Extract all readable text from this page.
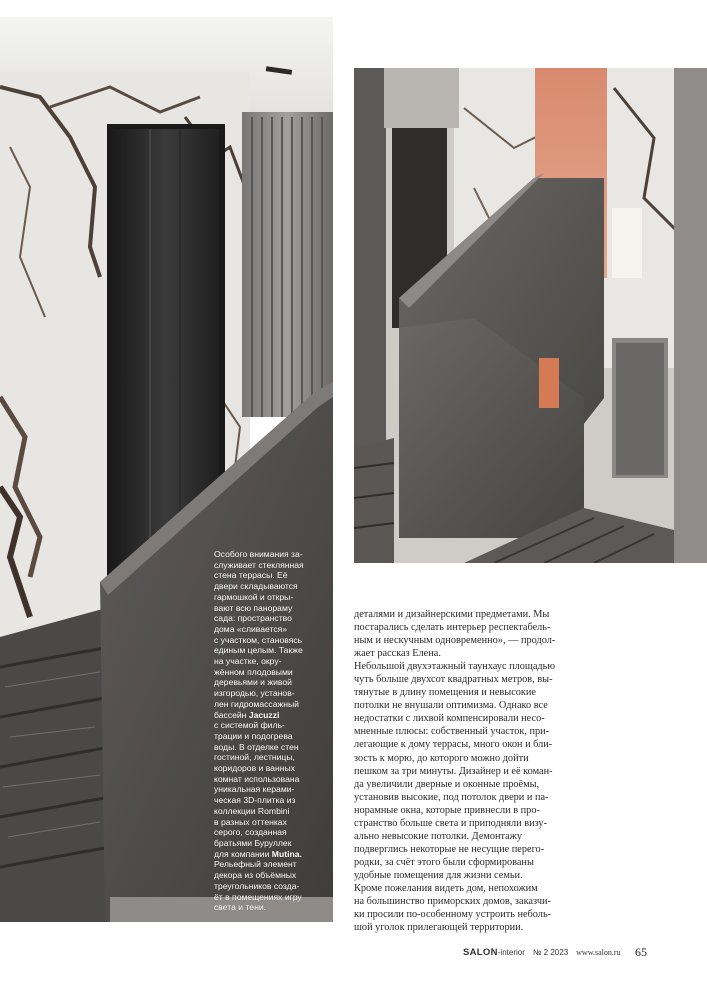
Особого внимания за-
служивает стеклянная
стена террасы. Её
двери складываются
гармошкой и откры-
вают всю панораму
сада: пространство
дома «сливается»
с участком, становясь
единым целым. Также
на участке, окру-
жённом плодовыми
деревьями и живой
изгородью, установ-
лен гидромассажный
бассейн Jacuzzi
с системой филь-
трации и подогрева
воды. В отделке стен
гостиной, лестницы,
коридоров и ванных
комнат использована
уникальная керами-
ческая 3D-плитка из
коллекции Rombini
в разных оттенках
серого, созданная
братьями Буруллек
для компании Mutina.
Рельефный элемент
декора из объёмных
треугольников созда-
ёт в помещениях игру
света и тени.
деталями и дизайнерскими предметами. Мы
постарались сделать интерьер респектабель-
ным и нескучным одновременно», — продол-
жает рассказ Елена.
Небольшой двухэтажный таунхаус площадью
чуть больше двухсот квадратных метров, вы-
тянутые в длину помещения и невысокие
потолки не внушали оптимизма. Однако все
недостатки с лихвой компенсировали несо-
мненные плюсы: собственный участок, при-
легающие к дому террасы, много окон и бли-
зость к морю, до которого можно дойти
пешком за три минуты. Дизайнер и её коман-
да увеличили дверные и оконные проёмы,
установив высокие, под потолок двери и па-
норамные окна, которые привнесли в про-
странство больше света и приподняли визу-
ально невысокие потолки. Демонтажу
подверглись некоторые не несущие перего-
родки, за счёт этого были сформированы
удобные помещения для жизни семьи.
Кроме пожелания видеть дом, непохожим
на большинство приморских домов, заказчи-
ки просили по-особенному устроить неболь-
шой уголок прилегающей территории.
SALON-interior № 2 2023 www.salon.ru 65
